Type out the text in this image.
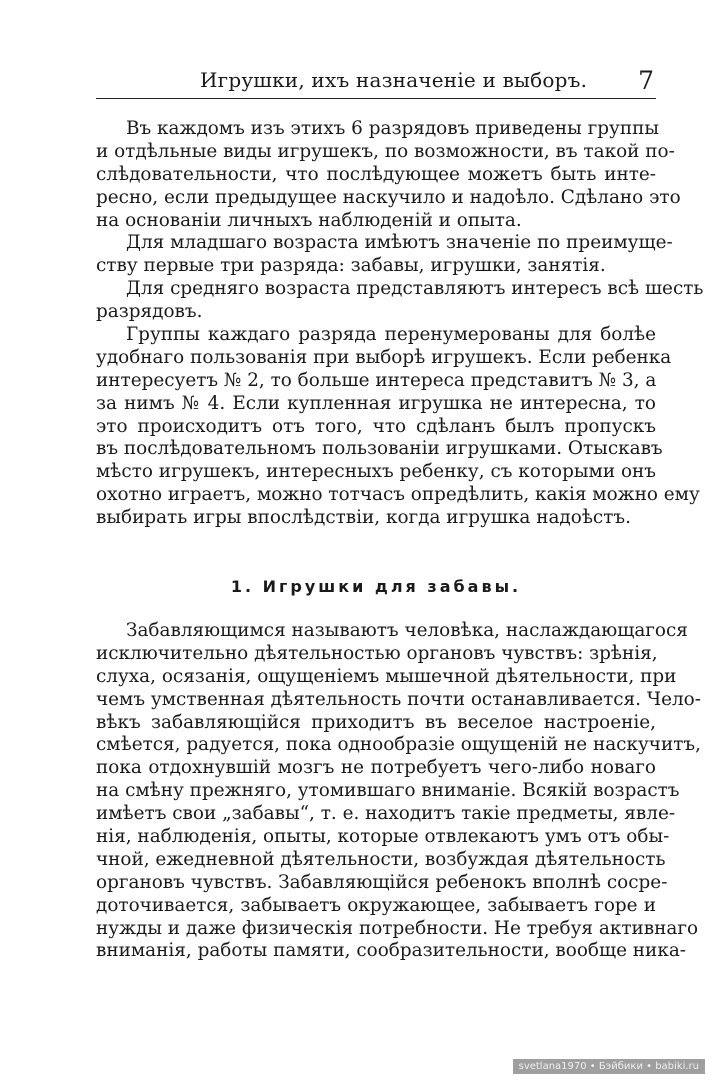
Игрушки, ихъ назначеніе и выборъ. 7
Въ каждомъ изъ этихъ 6 разрядовъ приведены группы
и отдѣльные виды игрушекъ, по возможности, въ такой по-
слѣдовательности, что послѣдующее можетъ быть инте-
ресно, если предыдущее наскучило и надоѣло. Сдѣлано это
на основаніи личныхъ наблюденій и опыта.
Для младшаго возраста имѣютъ значеніе по преимуще-
ству первые три разряда: забавы, игрушки, занятія.
Для средняго возраста представляютъ интересъ всѣ шесть
разрядовъ.
Группы каждаго разряда перенумерованы для болѣе
удобнаго пользованія при выборѣ игрушекъ. Если ребенка
интересуетъ № 2, то больше интереса представитъ № 3, а
за нимъ № 4. Если купленная игрушка не интересна, то
это происходитъ отъ того, что сдѣланъ былъ пропускъ
въ послѣдовательномъ пользованіи игрушками. Отыскавъ
мѣсто игрушекъ, интересныхъ ребенку, съ которыми онъ
охотно играетъ, можно тотчасъ опредѣлить, какія можно ему
выбирать игры впослѣдствіи, когда игрушка надоѣстъ.
1. Игрушки для забавы.
Забавляющимся называютъ человѣка, наслаждающагося
исключительно дѣятельностью органовъ чувствъ: зрѣнія,
слуха, осязанія, ощущеніемъ мышечной дѣятельности, при
чемъ умственная дѣятельность почти останавливается. Чело-
вѣкъ забавляющійся приходитъ въ веселое настроеніе,
смѣется, радуется, пока однообразіе ощущеній не наскучитъ,
пока отдохнувшій мозгъ не потребуетъ чего-либо новаго
на смѣну прежняго, утомившаго вниманіе. Всякій возрастъ
имѣетъ свои „забавы“, т. е. находитъ такіе предметы, явле-
нія, наблюденія, опыты, которые отвлекаютъ умъ отъ обы-
чной, ежедневной дѣятельности, возбуждая дѣятельность
органовъ чувствъ. Забавляющійся ребенокъ вполнѣ сосре-
доточивается, забываетъ окружающее, забываетъ горе и
нужды и даже физическія потребности. Не требуя активнаго
вниманія, работы памяти, сообразительности, вообще ника-
svetlana1970 • Бэйбики • babiki.ru
